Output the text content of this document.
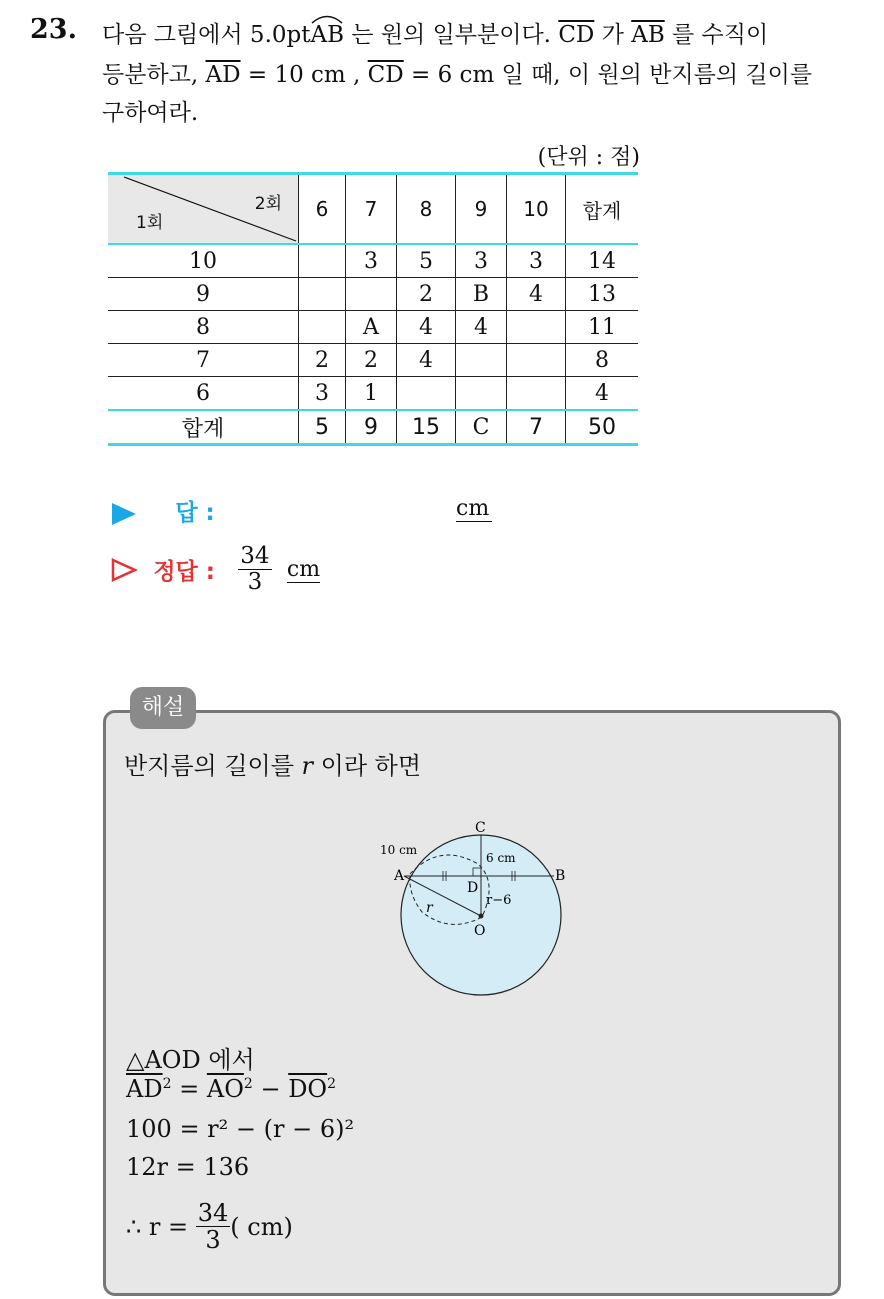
23. 다음 그림에서 5.0pt
AB 는 원의 일부분이다. $\overline{CD}$ 가 $\overline{AB}$ 를 수직이
등분하고, $\overline{AD} = 10$ cm , $\overline{CD} = 6$ cm 일 때, 이 원의 반지름의 길이를
구하여라.
(단위 : 점)
2회
1회	6	7	8	9	10	합계
10		3	5	3	3	14
9			2	B	4	13
8		A	4	4		11
7	2	2	4			8
6	3	1				4
합계	5	9	15	C	7	50
답 :	cm
정답 : $\frac{34}{3}$ cm
해설
반지름의 길이를 r 이라 하면
C
A	B
D
O
10 cm
6 cm
r	r−6
△AOD 에서
$\overline{AD}^2 = \overline{AO}^2 - \overline{DO}^2$
100 = r² − (r − 6)²
12r = 136
∴ $r = \frac{34}{3}$ ( cm)
